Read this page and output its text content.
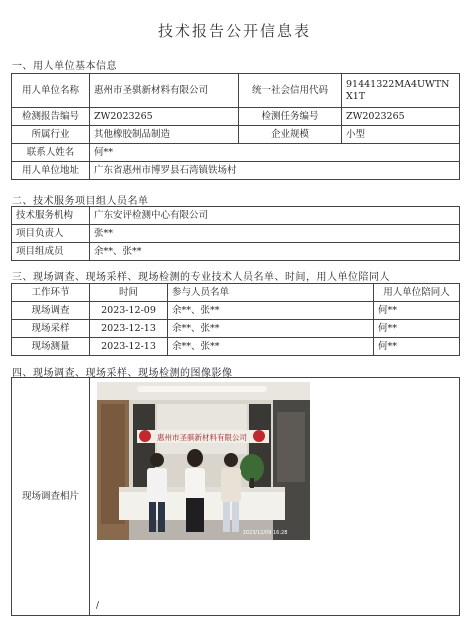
技术报告公开信息表
一、用人单位基本信息
用人单位名称	惠州市圣骐新材料有限公司	统一社会信用代码	91441322MA4UWTNX1T
检测报告编号	ZW2023265	检测任务编号	ZW2023265
所属行业	其他橡胶制品制造	企业规模	小型
联系人姓名	何**		
用人单位地址	广东省惠州市博罗县石湾镇铁场村		
二、技术服务项目组人员名单
技术服务机构	广东安评检测中心有限公司
项目负责人	张**
项目组成员	余**、张**
三、现场调查、现场采样、现场检测的专业技术人员名单、时间，用人单位陪同人
工作环节	时间	参与人员名单	用人单位陪同人
现场调查	2023-12-09	余**、张**	何**
现场采样	2023-12-13	余**、张**	何**
现场测量	2023-12-13	余**、张**	何**
四、现场调查、现场采样、现场检测的图像影像
现场调查相片	
惠州市圣骐新材料有限公司
2023/12/09 16:28
/
